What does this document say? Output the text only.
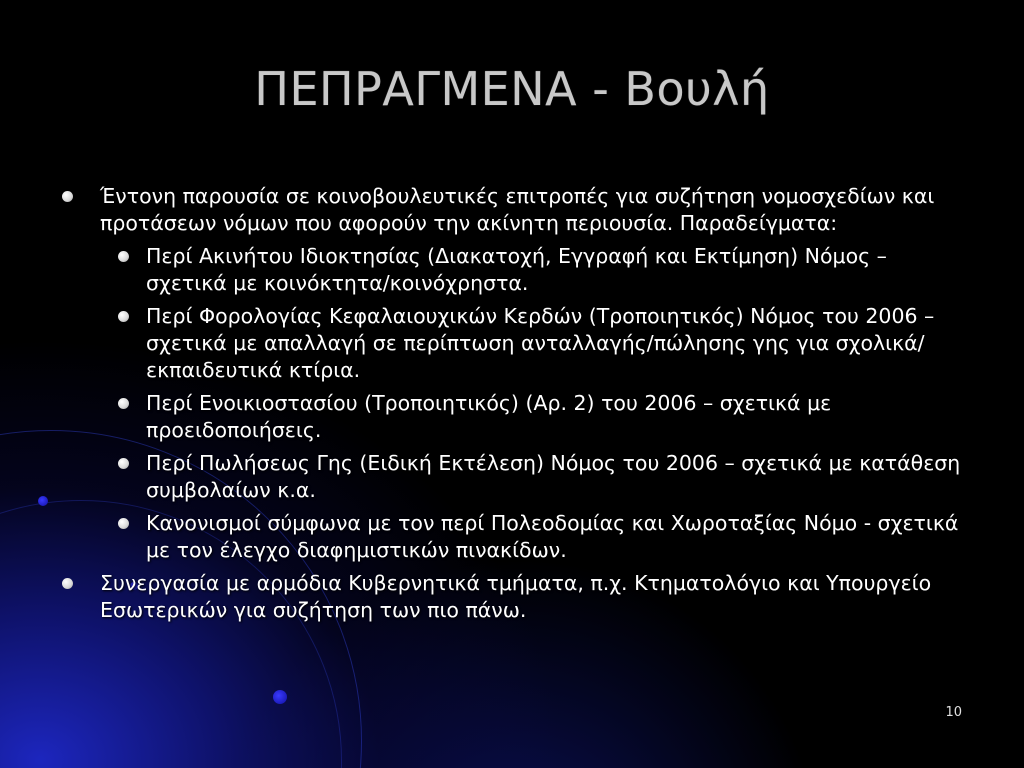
ΠΕΠΡΑΓΜΕΝΑ - Βουλή
Έντονη παρουσία σε κοινοβουλευτικές επιτροπές για συζήτηση νομοσχεδίων και προτάσεων νόμων που αφορούν την ακίνητη περιουσία. Παραδείγματα:
Περί Ακινήτου Ιδιοκτησίας (Διακατοχή, Εγγραφή και Εκτίμηση) Νόμος – σχετικά με κοινόκτητα/κοινόχρηστα.
Περί Φορολογίας Κεφαλαιουχικών Κερδών (Τροποιητικός) Νόμος του 2006 – σχετικά με απαλλαγή σε περίπτωση ανταλλαγής/πώλησης γης για σχολικά/εκπαιδευτικά κτίρια.
Περί Ενοικιοστασίου (Τροποιητικός) (Αρ. 2) του 2006 – σχετικά με προειδοποιήσεις.
Περί Πωλήσεως Γης (Ειδική Εκτέλεση) Νόμος του 2006 – σχετικά με κατάθεση συμβολαίων κ.α.
Κανονισμοί σύμφωνα με τον περί Πολεοδομίας και Χωροταξίας Νόμο - σχετικά με τον έλεγχο διαφημιστικών πινακίδων.
Συνεργασία με αρμόδια Κυβερνητικά τμήματα, π.χ. Κτηματολόγιο και Υπουργείο Εσωτερικών για συζήτηση των πιο πάνω.
10
